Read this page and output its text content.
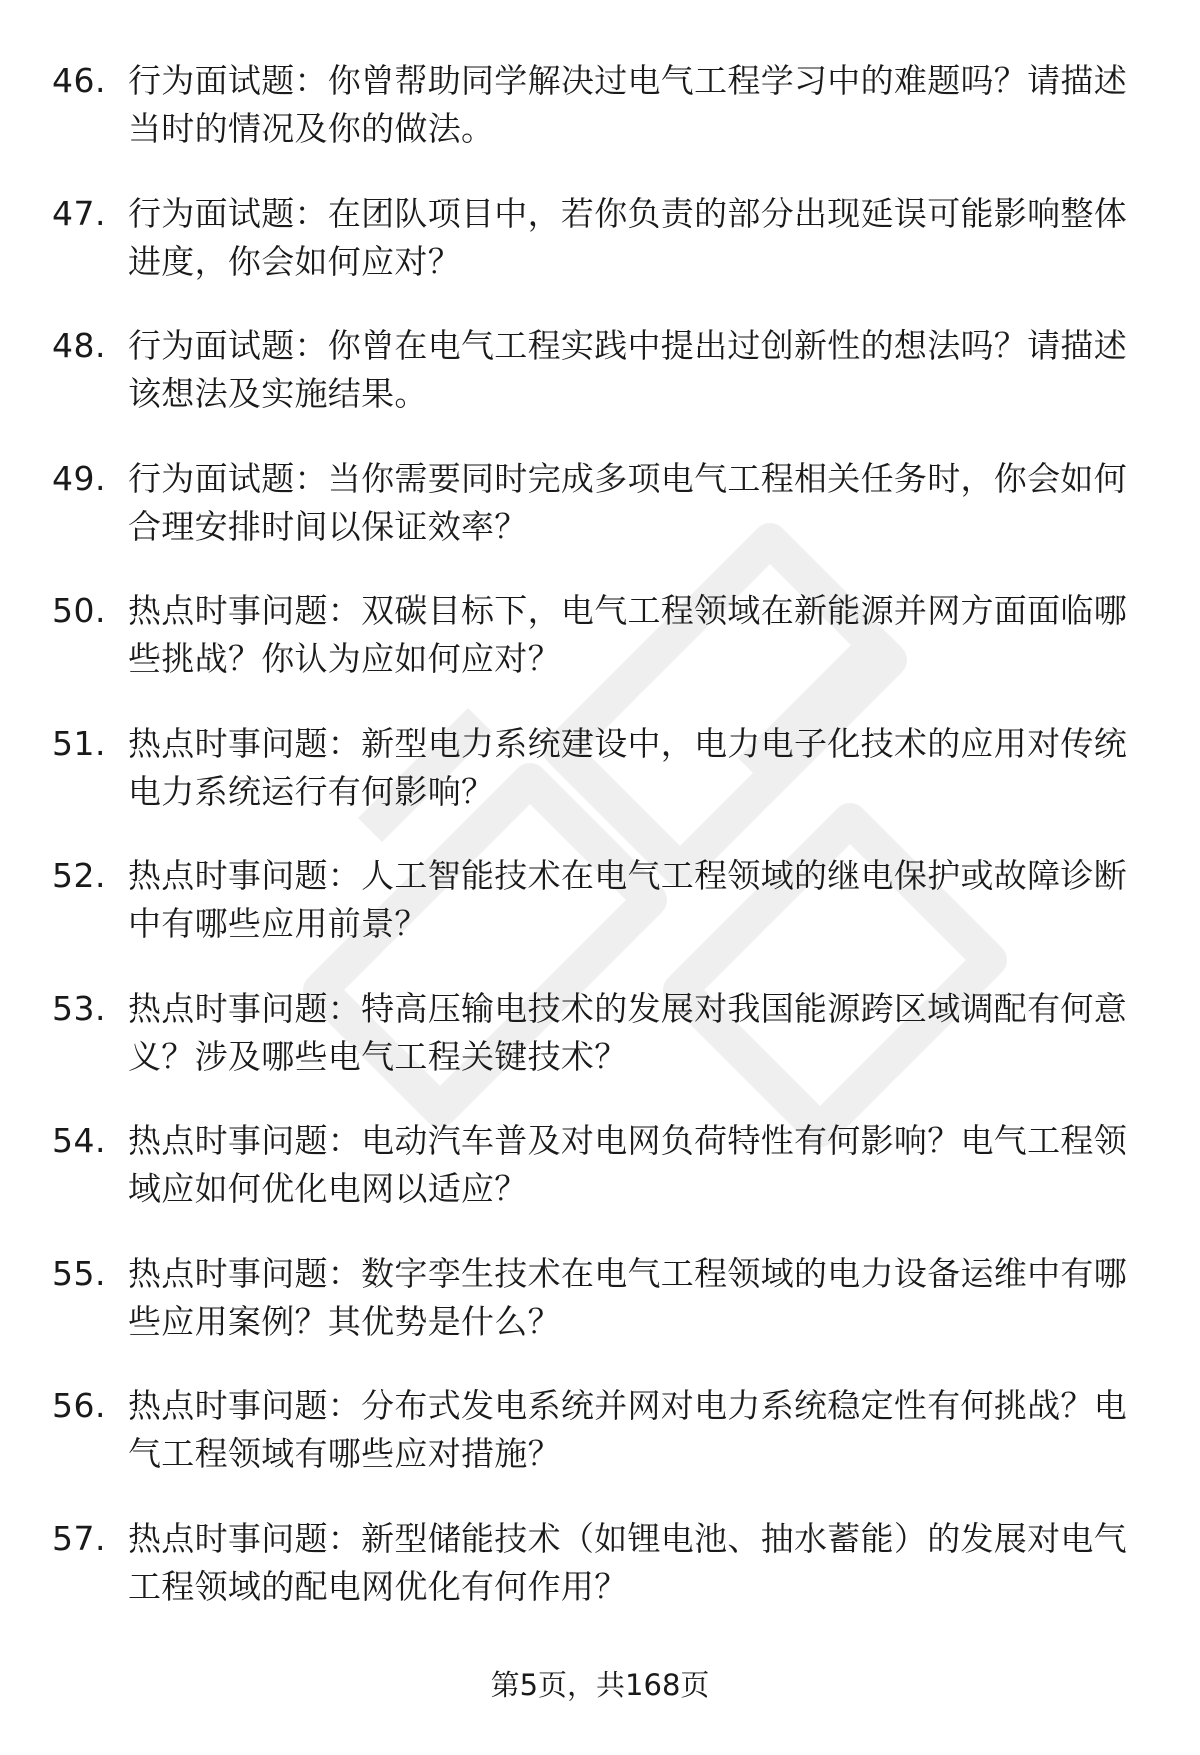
46. 行为面试题：你曾帮助同学解决过电气工程学习中的难题吗？请描述当时的情况及你的做法。
47. 行为面试题：在团队项目中，若你负责的部分出现延误可能影响整体进度，你会如何应对？
48. 行为面试题：你曾在电气工程实践中提出过创新性的想法吗？请描述该想法及实施结果。
49. 行为面试题：当你需要同时完成多项电气工程相关任务时，你会如何合理安排时间以保证效率？
50. 热点时事问题：双碳目标下，电气工程领域在新能源并网方面面临哪些挑战？你认为应如何应对？
51. 热点时事问题：新型电力系统建设中，电力电子化技术的应用对传统电力系统运行有何影响？
52. 热点时事问题：人工智能技术在电气工程领域的继电保护或故障诊断中有哪些应用前景？
53. 热点时事问题：特高压输电技术的发展对我国能源跨区域调配有何意义？涉及哪些电气工程关键技术？
54. 热点时事问题：电动汽车普及对电网负荷特性有何影响？电气工程领域应如何优化电网以适应？
55. 热点时事问题：数字孪生技术在电气工程领域的电力设备运维中有哪些应用案例？其优势是什么？
56. 热点时事问题：分布式发电系统并网对电力系统稳定性有何挑战？电气工程领域有哪些应对措施？
57. 热点时事问题：新型储能技术（如锂电池、抽水蓄能）的发展对电气工程领域的配电网优化有何作用？
第5页，共168页
